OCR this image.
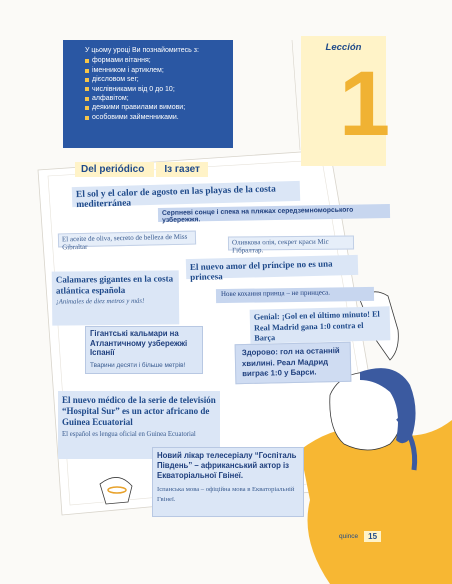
У цьому уроці Ви познайомитесь з:
формами вітання;
іменником і артиклем;
дієсловом ser;
числівниками від 0 до 10;
алфавітом;
деякими правилами вимови;
особовими займенниками.
Lección
1
Del periódico	Із газет
El sol y el calor de agosto en las playas de la costa mediterránea
Серпневі сонце і спека на пляжах середземноморського узбережжя.
El aceite de oliva, secreto de belleza de Miss Gibraltar
Оливкова олія, секрет краси Міс Гібралтар.
El nuevo amor del príncipe no es una princesa
Нове кохання принца – не принцеса.
Calamares gigantes en la costa atlántica española
¡Animales de diez metros y más!
Гігантські кальмари на Атлантичному узбережжі Іспанії
Тварини десяти і більше метрів!
Genial: ¡Gol en el último minuto! El Real Madrid gana 1:0 contra el Barça
Здорово: гол на останній хвилині. Реал Мадрид виграє 1:0 у Барси.
El nuevo médico de la serie de televisión “Hospital Sur” es un actor africano de Guinea Ecuatorial
El español es lengua oficial en Guinea Ecuatorial
Новий лікар телесеріалу “Госпіталь Південь” – африканський актор із Екваторіальної Гвінеї.
Іспанська мова – офіційна мова в Екваторіальній Гвінеї.
quince	15
